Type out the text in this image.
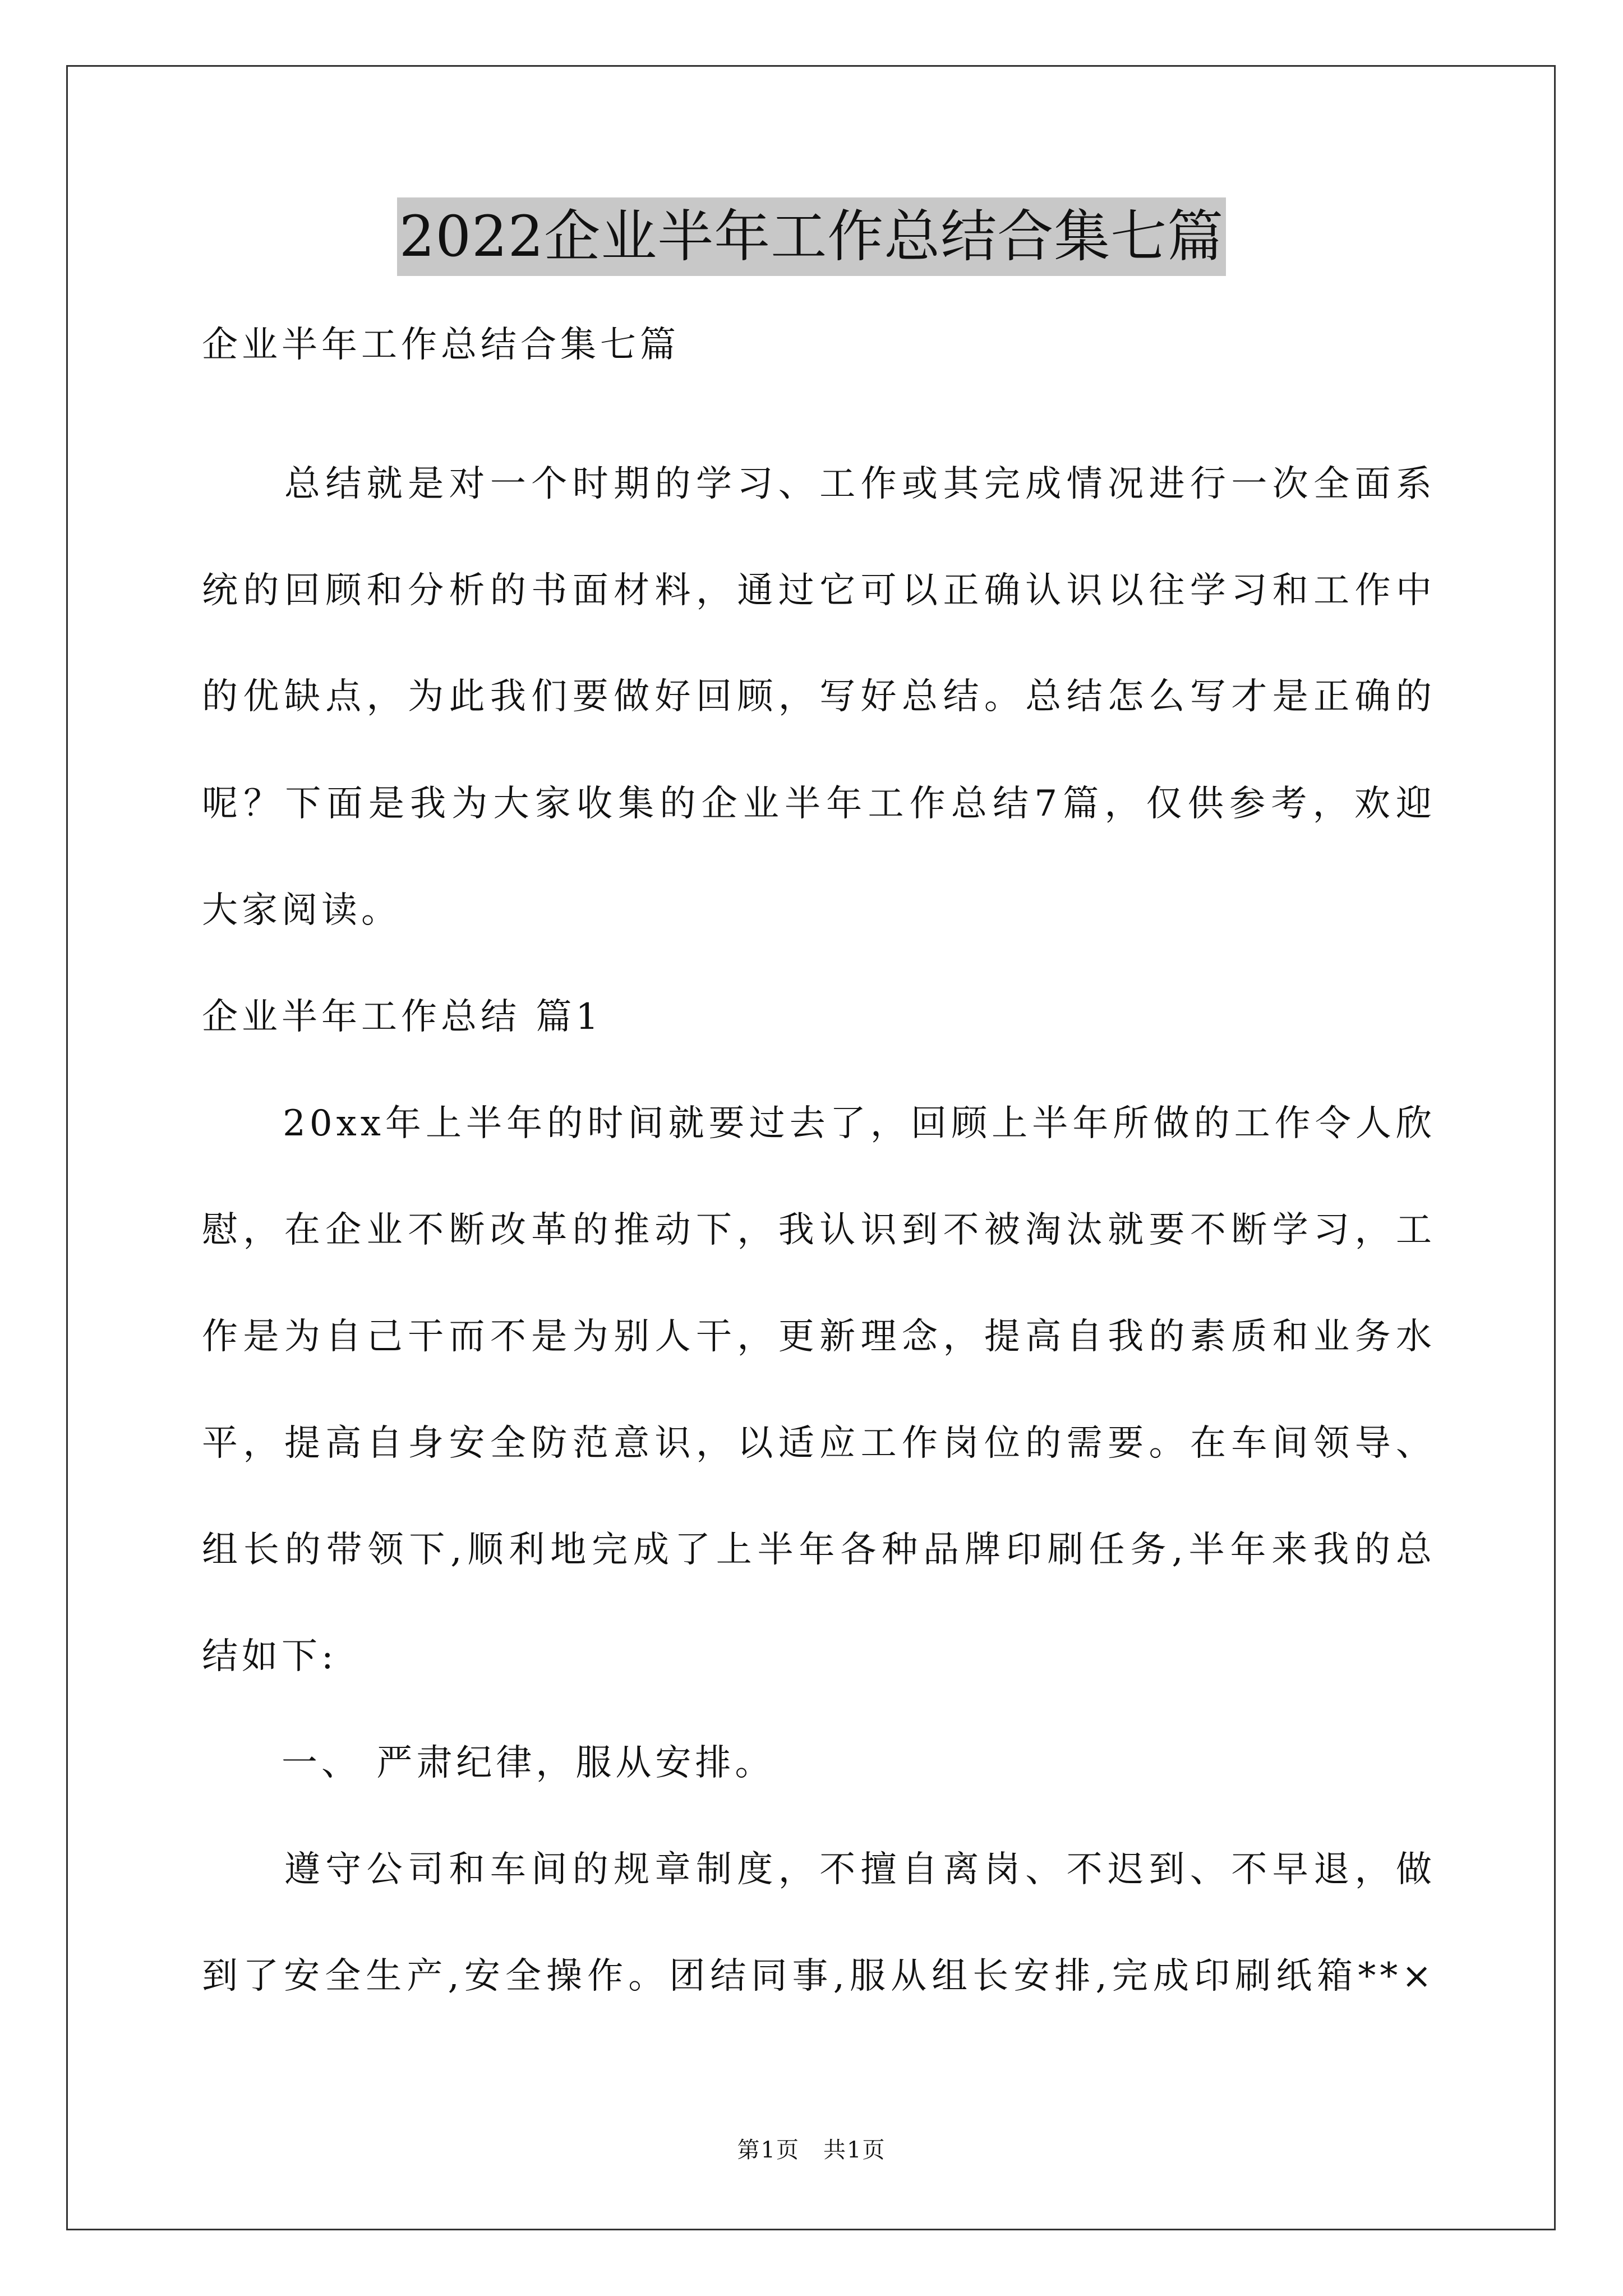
2022企业半年工作总结合集七篇
企业半年工作总结合集七篇
　　总结就是对一个时期的学习、工作或其完成情况进行一次全面系
统的回顾和分析的书面材料，通过它可以正确认识以往学习和工作中
的优缺点，为此我们要做好回顾，写好总结。总结怎么写才是正确的
呢？下面是我为大家收集的企业半年工作总结7篇，仅供参考，欢迎
大家阅读。
企业半年工作总结 篇1
　　20xx年上半年的时间就要过去了，回顾上半年所做的工作令人欣
慰，在企业不断改革的推动下，我认识到不被淘汰就要不断学习，工
作是为自己干而不是为别人干，更新理念，提高自我的素质和业务水
平，提高自身安全防范意识，以适应工作岗位的需要。在车间领导、
组长的带领下,顺利地完成了上半年各种品牌印刷任务,半年来我的总
结如下:
　　一、 严肃纪律，服从安排。
　　遵守公司和车间的规章制度，不擅自离岗、不迟到、不早退，做
到了安全生产,安全操作。团结同事,服从组长安排,完成印刷纸箱**×
第1页　共1页
